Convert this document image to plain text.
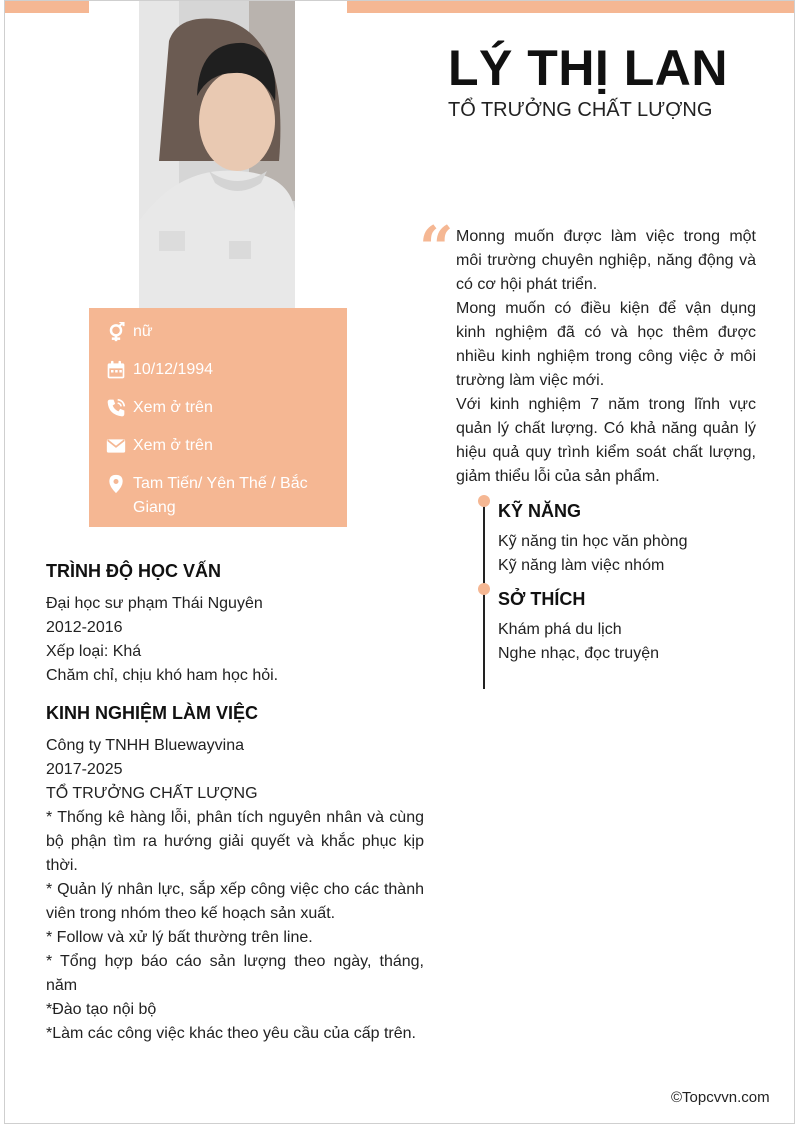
nữ
10/12/1994
Xem ở trên
Xem ở trên
Tam Tiến/ Yên Thế / Bắc Giang
LÝ THỊ LAN
TỔ TRƯỞNG CHẤT LƯỢNG
“ Monng muốn được làm việc trong một môi trường chuyên nghiệp, năng động và có cơ hội phát triển.

Mong muốn có điều kiện để vận dụng kinh nghiệm đã có và học thêm được nhiều kinh nghiệm trong công việc ở môi trường làm việc mới.

Với kinh nghiệm 7 năm trong lĩnh vực quản lý chất lượng. Có khả năng quản lý hiệu quả quy trình kiểm soát chất lượng, giảm thiểu lỗi của sản phẩm.

KỸ NĂNG
Kỹ năng tin học văn phòng
Kỹ năng làm việc nhóm
SỞ THÍCH
Khám phá du lịch
Nghe nhạc, đọc truyện
TRÌNH ĐỘ HỌC VẤN
Đại học sư phạm Thái Nguyên
2012-2016
Xếp loại: Khá
Chăm chỉ, chịu khó ham học hỏi.
KINH NGHIỆM LÀM VIỆC
Công ty TNHH Bluewayvina
2017-2025
TỔ TRƯỞNG CHẤT LƯỢNG
* Thống kê hàng lỗi, phân tích nguyên nhân và cùng bộ phận tìm ra hướng giải quyết và khắc phục kịp thời.
* Quản lý nhân lực, sắp xếp công việc cho các thành viên trong nhóm theo kế hoạch sản xuất.
* Follow và xử lý bất thường trên line.
* Tổng hợp báo cáo sản lượng theo ngày, tháng, năm
*Đào tạo nội bộ
*Làm các công việc khác theo yêu cầu của cấp trên.
©Topcvvn.com
